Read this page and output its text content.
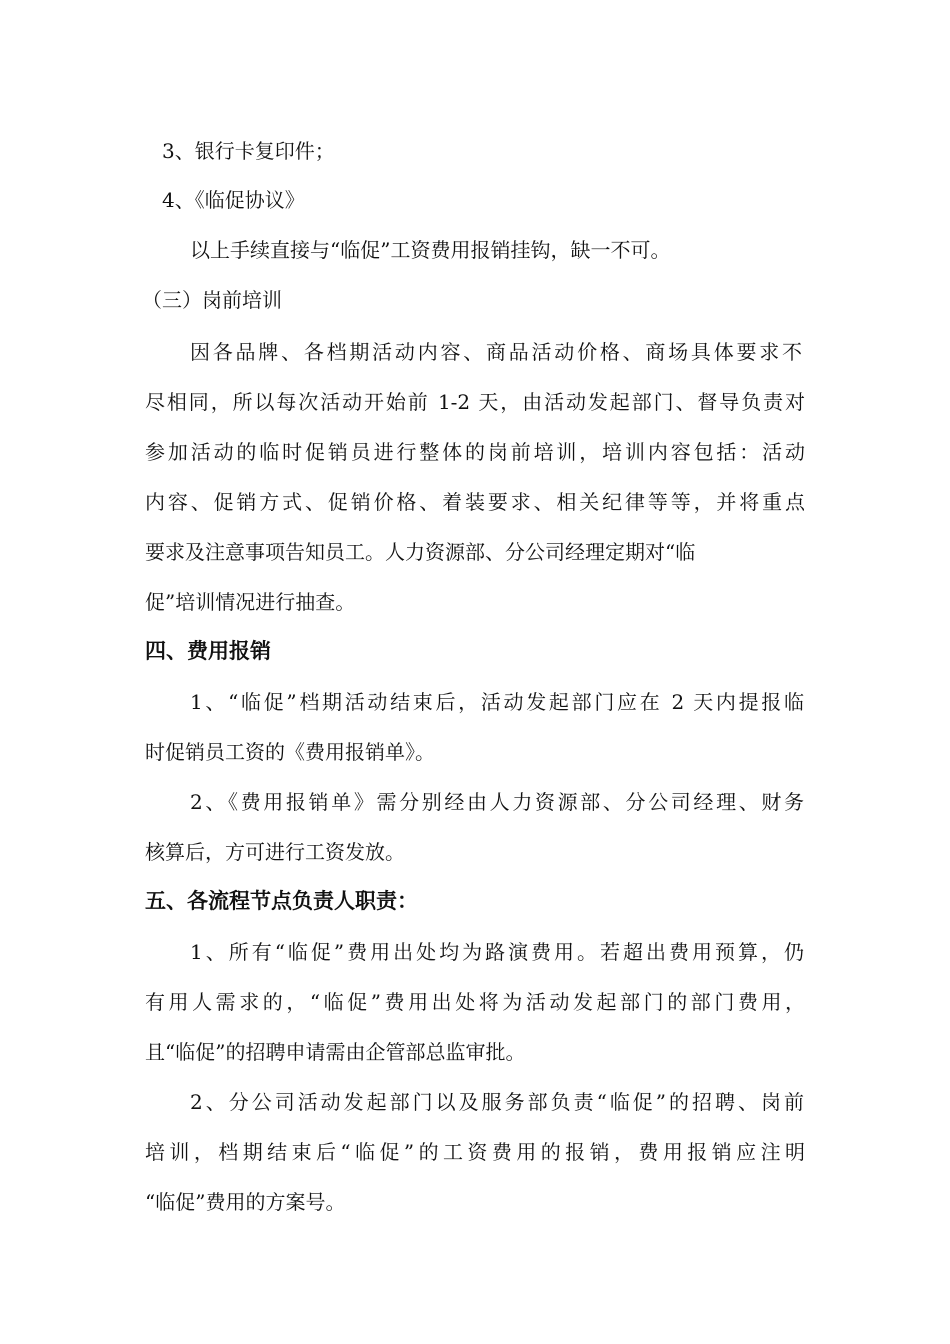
3、银行卡复印件；
4、《临促协议》
以上手续直接与“临促”工资费用报销挂钩，缺一不可。
（三）岗前培训
因各品牌、各档期活动内容、商品活动价格、商场具体要求不
尽相同，所以每次活动开始前 1-2 天，由活动发起部门、督导负责对
参加活动的临时促销员进行整体的岗前培训，培训内容包括：活动
内容、促销方式、促销价格、着装要求、相关纪律等等，并将重点
要求及注意事项告知员工。人力资源部、分公司经理定期对“临
促”培训情况进行抽查。
四、费用报销
1、“临促”档期活动结束后，活动发起部门应在 2 天内提报临
时促销员工资的《费用报销单》。
2、《费用报销单》需分别经由人力资源部、分公司经理、财务
核算后，方可进行工资发放。
五、各流程节点负责人职责：
1、所有“临促”费用出处均为路演费用。若超出费用预算，仍
有用人需求的，“临促”费用出处将为活动发起部门的部门费用，
且“临促”的招聘申请需由企管部总监审批。
2、分公司活动发起部门以及服务部负责“临促”的招聘、岗前
培训，档期结束后“临促”的工资费用的报销，费用报销应注明
“临促”费用的方案号。
